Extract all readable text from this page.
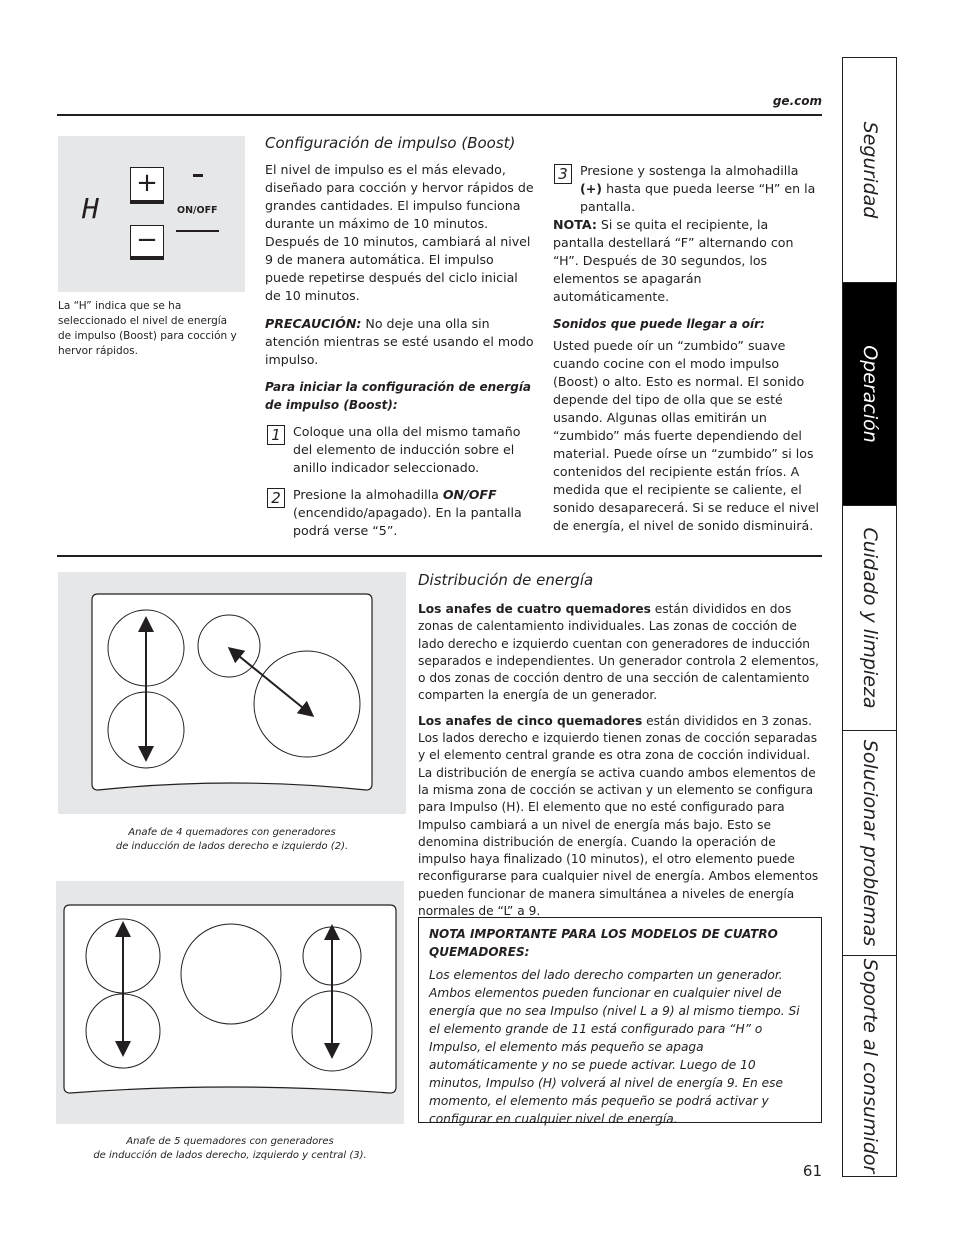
ge.com
H
+
−
ON/OFF
La “H” indica que se ha seleccionado el nivel de energía de impulso (Boost) para cocción y hervor rápidos.
Configuración de impulso (Boost)

El nivel de impulso es el más elevado, diseñado para cocción y hervor rápidos de grandes cantidades. El impulso funciona durante un máximo de 10 minutos. Después de 10 minutos, cambiará al nivel 9 de manera automática. El impulso puede repetirse después del ciclo inicial de 10 minutos.

PRECAUCIÓN: No deje una olla sin atención mientras se esté usando el modo impulso.

Para iniciar la configuración de energía de impulso (Boost):

1 Coloque una olla del mismo tamaño del elemento de inducción sobre el anillo indicador seleccionado.
2 Presione la almohadilla ON/OFF (encendido/apagado). En la pantalla podrá verse “5”.
3 Presione y sostenga la almohadilla (+) hasta que pueda leerse “H” en la pantalla.

NOTA: Si se quita el recipiente, la pantalla destellará “F” alternando con “H”. Después de 30 segundos, los elementos se apagarán automáticamente.

Sonidos que puede llegar a oír:

Usted puede oír un “zumbido” suave cuando cocine con el modo impulso (Boost) o alto. Esto es normal. El sonido depende del tipo de olla que se esté usando. Algunas ollas emitirán un “zumbido” más fuerte dependiendo del material. Puede oírse un “zumbido” si los contenidos del recipiente están fríos. A medida que el recipiente se caliente, el sonido desaparecerá. Si se reduce el nivel de energía, el nivel de sonido disminuirá.

Anafe de 4 quemadores con generadores
de inducción de lados derecho e izquierdo (2).
Anafe de 5 quemadores con generadores
de inducción de lados derecho, izquierdo y central (3).
Distribución de energía

Los anafes de cuatro quemadores están divididos en dos zonas de calentamiento individuales. Las zonas de cocción de lado derecho e izquierdo cuentan con generadores de inducción separados e independientes. Un generador controla 2 elementos, o dos zonas de cocción dentro de una sección de calentamiento comparten la energía de un generador.

Los anafes de cinco quemadores están divididos en 3 zonas. Los lados derecho e izquierdo tienen zonas de cocción separadas y el elemento central grande es otra zona de cocción individual. La distribución de energía se activa cuando ambos elementos de la misma zona de cocción se activan y un elemento se configura para Impulso (H). El elemento que no esté configurado para Impulso cambiará a un nivel de energía más bajo. Esto se denomina distribución de energía. Cuando la operación de impulso haya finalizado (10 minutos), el otro elemento puede reconfigurarse para cualquier nivel de energía. Ambos elementos pueden funcionar de manera simultánea a niveles de energía normales de “L” a 9.

NOTA IMPORTANTE PARA LOS MODELOS DE CUATRO QUEMADORES:

Los elementos del lado derecho comparten un generador. Ambos elementos pueden funcionar en cualquier nivel de energía que no sea Impulso (nivel L a 9) al mismo tiempo. Si el elemento grande de 11 está configurado para “H” o Impulso, el elemento más pequeño se apaga automáticamente y no se puede activar. Luego de 10 minutos, Impulso (H) volverá al nivel de energía 9. En ese momento, el elemento más pequeño se podrá activar y configurar en cualquier nivel de energía.

Seguridad
Operación
Cuidado y limpieza
Solucionar problemas
Soporte al consumidor
61
